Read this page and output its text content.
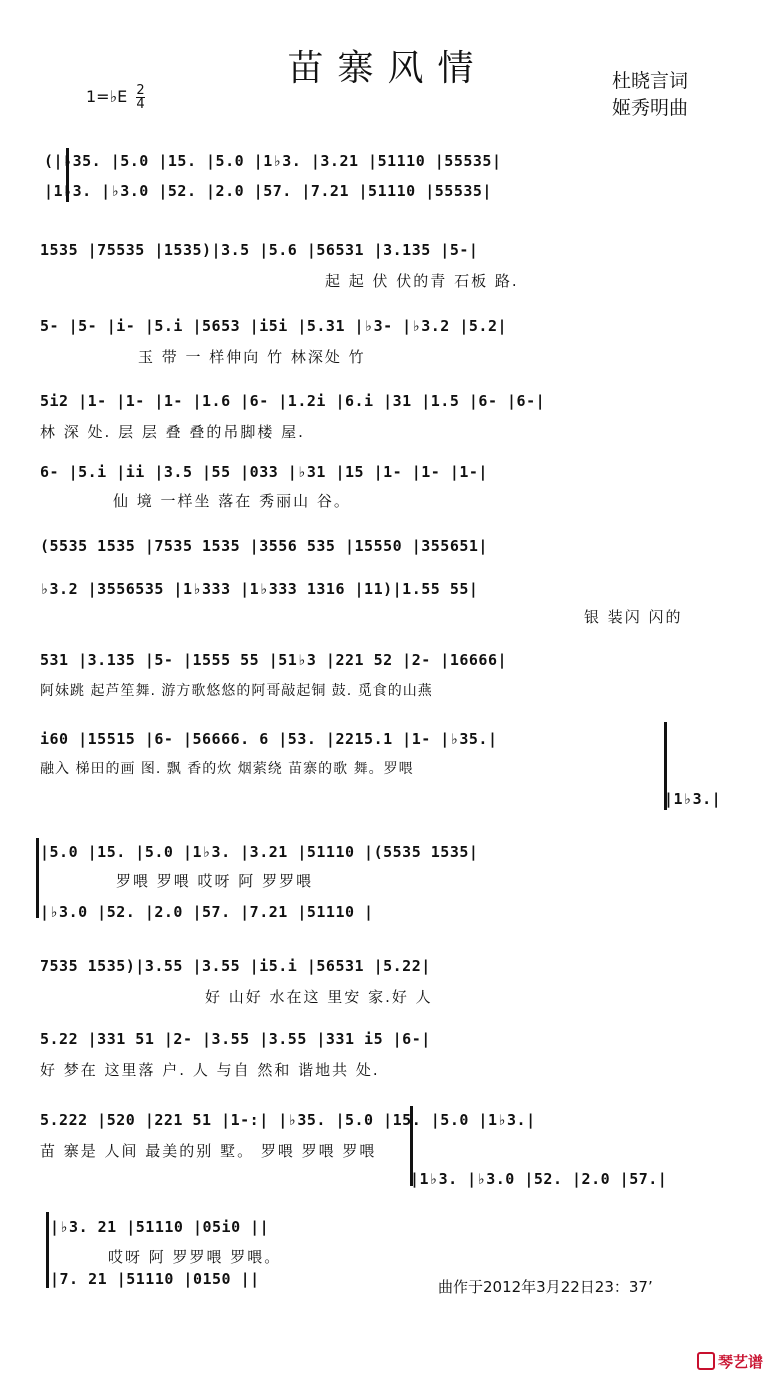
苗寨风情	杜晓言词
姬秀明曲
1=♭E $\frac{2}{4}$
(|♭35. |5.0 |15. |5.0 |1♭3. |3.21 |51110 |55535|
|1♭3. |♭3.0 |52. |2.0 |57. |7.21 |51110 |55535|
1535 |75535 |1535)|3.5 |5.6 |56531 |3.135 |5-|
起 起 伏 伏的青 石板 路.
5- |5- |i- |5.i |5653 |i5i |5.31 |♭3- |♭3.2 |5.2|
玉 带 一 样伸向 竹 林深处 竹
5i2 |1- |1- |1- |1.6 |6- |1.2i |6.i |31 |1.5 |6- |6-|
林 深 处. 层 层 叠 叠的吊脚楼 屋.
6- |5.i |ii |3.5 |55 |033 |♭31 |15 |1- |1- |1-|
仙 境 一样坐 落在 秀丽山 谷。
(5535 1535 |7535 1535 |3556 535 |15550 |355651|
♭3.2 |3556535 |1♭333 |1♭333 1316 |11)|1.55 55|
银 装闪 闪的
531 |3.135 |5- |1555 55 |51♭3 |221 52 |2- |16666|
阿妹跳 起芦笙舞. 游方歌悠悠的阿哥敲起铜 鼓. 觅食的山燕
i60 |15515 |6- |56666. 6 |53. |2215.1 |1- |♭35.|
融入 梯田的画 图. 飘 香的炊 烟萦绕 苗寨的歌 舞。罗喂
|1♭3.|
|5.0 |15. |5.0 |1♭3. |3.21 |51110 |(5535 1535|
罗喂 罗喂 哎呀 阿 罗罗喂
|♭3.0 |52. |2.0 |57. |7.21 |51110 |
7535 1535)|3.55 |3.55 |i5.i |56531 |5.22|
好 山好 水在这 里安 家.好 人
5.22 |331 51 |2- |3.55 |3.55 |331 i5 |6-|
好 梦在 这里落 户. 人 与自 然和 谐地共 处.
5.222 |520 |221 51 |1-:| |♭35. |5.0 |15. |5.0 |1♭3.|
苗 寨是 人间 最美的别 墅。 罗喂 罗喂 罗喂
|1♭3. |♭3.0 |52. |2.0 |57.|
|♭3. 21 |51110 |05i0 ||
哎呀 阿 罗罗喂 罗喂。
|7. 21 |51110 |0150 ||	曲作于2012年3月22日23：37’
琴艺谱
